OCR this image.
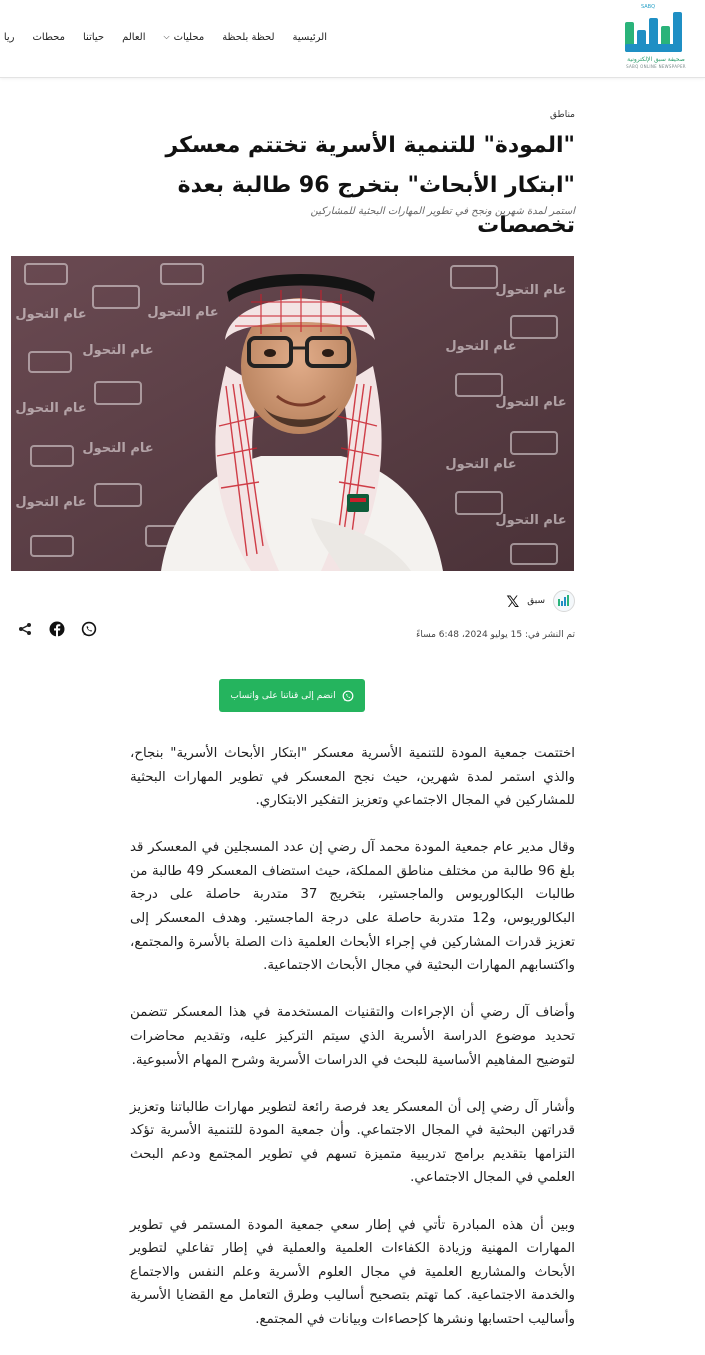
الرئيسية
لحظة بلحظة
محليات
⌵
العالم
حياتنا
محطات
ريا
SABQ
صحيفة سبق الإلكترونية
SABQ ONLINE NEWSPAPER
مناطق
"المودة" للتنمية الأسرية تختتم معسكر "ابتكار الأبحاث" بتخرج 96 طالبة بعدة تخصصات
استمر لمدة شهرين ونجح في تطوير المهارات البحثية للمشاركين
عام التحول
عام التحول
عام التحول
عام التحول
عام التحول
عام التحول
عام التحول
عام التحول
عام التحول
عام التحول
عام التحول
سبق
𝕏
تم النشر في: 15 يوليو 2024، 6:48 مساءً
انضم إلى قناتنا على واتساب

اختتمت جمعية المودة للتنمية الأسرية معسكر "ابتكار الأبحاث الأسرية" بنجاح، والذي استمر لمدة شهرين، حيث نجح المعسكر في تطوير المهارات البحثية للمشاركين في المجال الاجتماعي وتعزيز التفكير الابتكاري.

وقال مدير عام جمعية المودة محمد آل رضي إن عدد المسجلين في المعسكر قد بلغ 96 طالبة من مختلف مناطق المملكة، حيث استضاف المعسكر 49 طالبة من طالبات البكالوريوس والماجستير، بتخريج 37 متدربة حاصلة على درجة البكالوريوس، و12 متدربة حاصلة على درجة الماجستير. وهدف المعسكر إلى تعزيز قدرات المشاركين في إجراء الأبحاث العلمية ذات الصلة بالأسرة والمجتمع، واكتسابهم المهارات البحثية في مجال الأبحاث الاجتماعية.

وأضاف آل رضي أن الإجراءات والتقنيات المستخدمة في هذا المعسكر تتضمن تحديد موضوع الدراسة الأسرية الذي سيتم التركيز عليه، وتقديم محاضرات لتوضيح المفاهيم الأساسية للبحث في الدراسات الأسرية وشرح المهام الأسبوعية.

وأشار آل رضي إلى أن المعسكر يعد فرصة رائعة لتطوير مهارات طالباتنا وتعزيز قدراتهن البحثية في المجال الاجتماعي. وأن جمعية المودة للتنمية الأسرية تؤكد التزامها بتقديم برامج تدريبية متميزة تسهم في تطوير المجتمع ودعم البحث العلمي في المجال الاجتماعي.

وبين أن هذه المبادرة تأتي في إطار سعي جمعية المودة المستمر في تطوير المهارات المهنية وزيادة الكفاءات العلمية والعملية في إطار تفاعلي لتطوير الأبحاث والمشاريع العلمية في مجال العلوم الأسرية وعلم النفس والاجتماع والخدمة الاجتماعية. كما تهتم بتصحيح أساليب وطرق التعامل مع القضايا الأسرية وأساليب احتسابها ونشرها كإحصاءات وبيانات في المجتمع.
